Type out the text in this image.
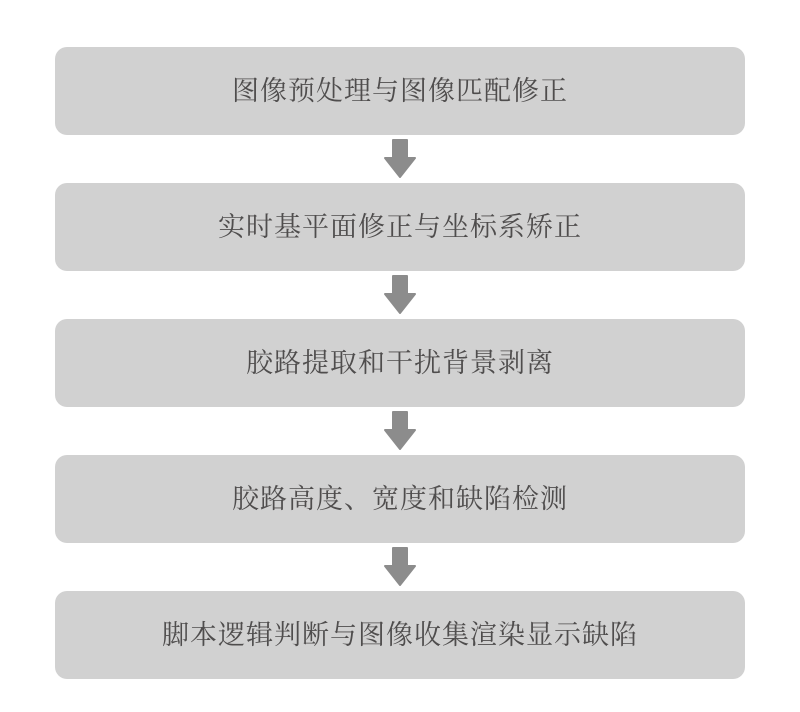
图像预处理与图像匹配修正
实时基平面修正与坐标系矫正
胶路提取和干扰背景剥离
胶路高度、宽度和缺陷检测
脚本逻辑判断与图像收集渲染显示缺陷
